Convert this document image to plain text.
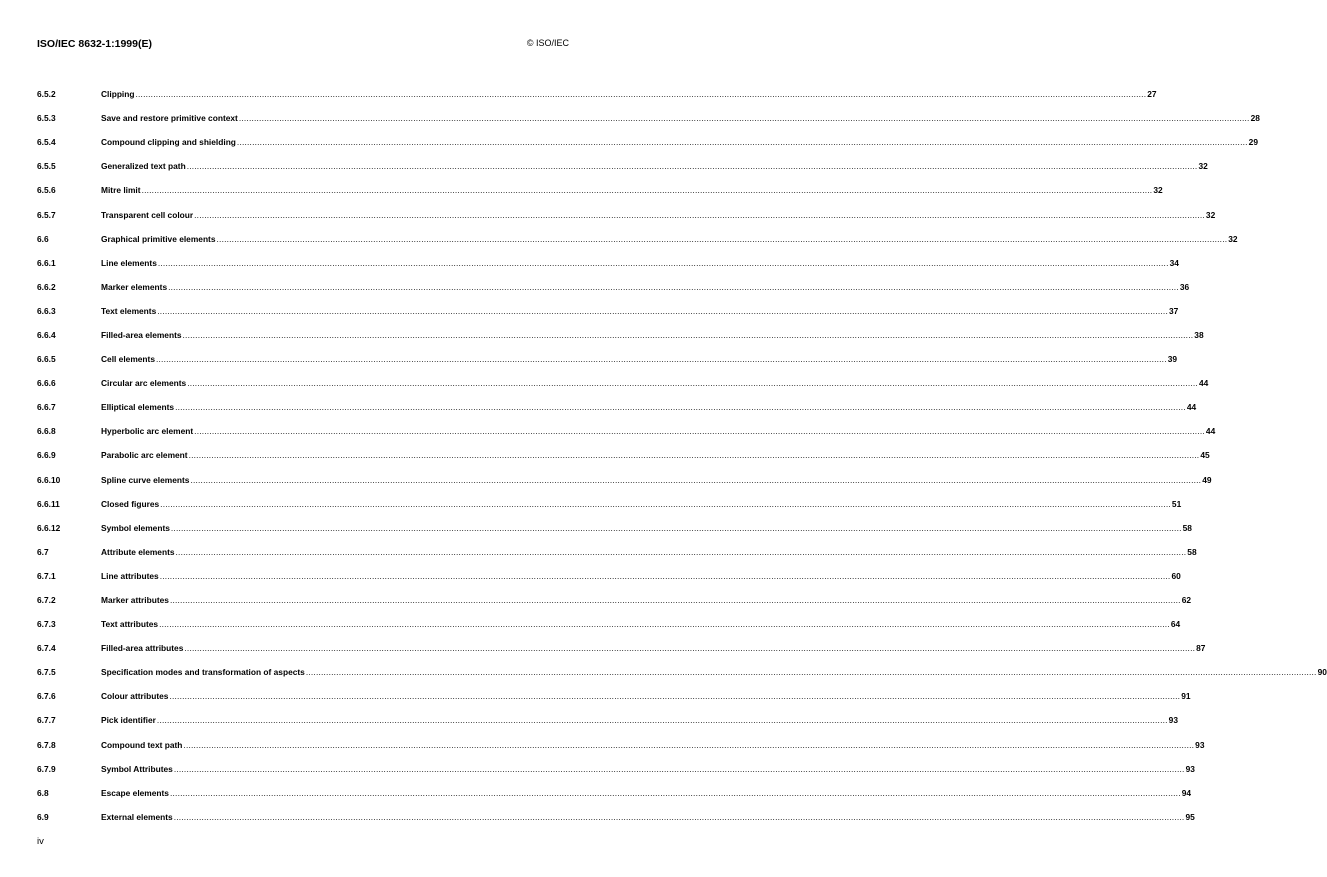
ISO/IEC 8632-1:1999(E)	© ISO/IEC
6.5.2	Clipping ................................................................................................................................................................................................................................................................................................................................................................................................................ 27
6.5.3	Save and restore primitive context ................................................................................................................................................................................................................................................................................................................................................................................................................ 28
6.5.4	Compound clipping and shielding ................................................................................................................................................................................................................................................................................................................................................................................................................ 29
6.5.5	Generalized text path ................................................................................................................................................................................................................................................................................................................................................................................................................ 32
6.5.6	Mitre limit ................................................................................................................................................................................................................................................................................................................................................................................................................ 32
6.5.7	Transparent cell colour ................................................................................................................................................................................................................................................................................................................................................................................................................ 32
6.6	Graphical primitive elements ................................................................................................................................................................................................................................................................................................................................................................................................................ 32
6.6.1	Line elements ................................................................................................................................................................................................................................................................................................................................................................................................................ 34
6.6.2	Marker elements ................................................................................................................................................................................................................................................................................................................................................................................................................ 36
6.6.3	Text elements ................................................................................................................................................................................................................................................................................................................................................................................................................ 37
6.6.4	Filled-area elements ................................................................................................................................................................................................................................................................................................................................................................................................................ 38
6.6.5	Cell elements ................................................................................................................................................................................................................................................................................................................................................................................................................ 39
6.6.6	Circular arc elements ................................................................................................................................................................................................................................................................................................................................................................................................................ 44
6.6.7	Elliptical elements ................................................................................................................................................................................................................................................................................................................................................................................................................ 44
6.6.8	Hyperbolic arc element ................................................................................................................................................................................................................................................................................................................................................................................................................ 44
6.6.9	Parabolic arc element ................................................................................................................................................................................................................................................................................................................................................................................................................ 45
6.6.10	Spline curve elements ................................................................................................................................................................................................................................................................................................................................................................................................................ 49
6.6.11	Closed figures ................................................................................................................................................................................................................................................................................................................................................................................................................ 51
6.6.12	Symbol elements ................................................................................................................................................................................................................................................................................................................................................................................................................ 58
6.7	Attribute elements ................................................................................................................................................................................................................................................................................................................................................................................................................ 58
6.7.1	Line attributes ................................................................................................................................................................................................................................................................................................................................................................................................................ 60
6.7.2	Marker attributes ................................................................................................................................................................................................................................................................................................................................................................................................................ 62
6.7.3	Text attributes ................................................................................................................................................................................................................................................................................................................................................................................................................ 64
6.7.4	Filled-area attributes ................................................................................................................................................................................................................................................................................................................................................................................................................ 87
6.7.5	Specification modes and transformation of aspects ................................................................................................................................................................................................................................................................................................................................................................................................................ 90
6.7.6	Colour attributes ................................................................................................................................................................................................................................................................................................................................................................................................................ 91
6.7.7	Pick identifier ................................................................................................................................................................................................................................................................................................................................................................................................................ 93
6.7.8	Compound text path ................................................................................................................................................................................................................................................................................................................................................................................................................ 93
6.7.9	Symbol Attributes ................................................................................................................................................................................................................................................................................................................................................................................................................ 93
6.8	Escape elements ................................................................................................................................................................................................................................................................................................................................................................................................................ 94
6.9	External elements ................................................................................................................................................................................................................................................................................................................................................................................................................ 95
iv
